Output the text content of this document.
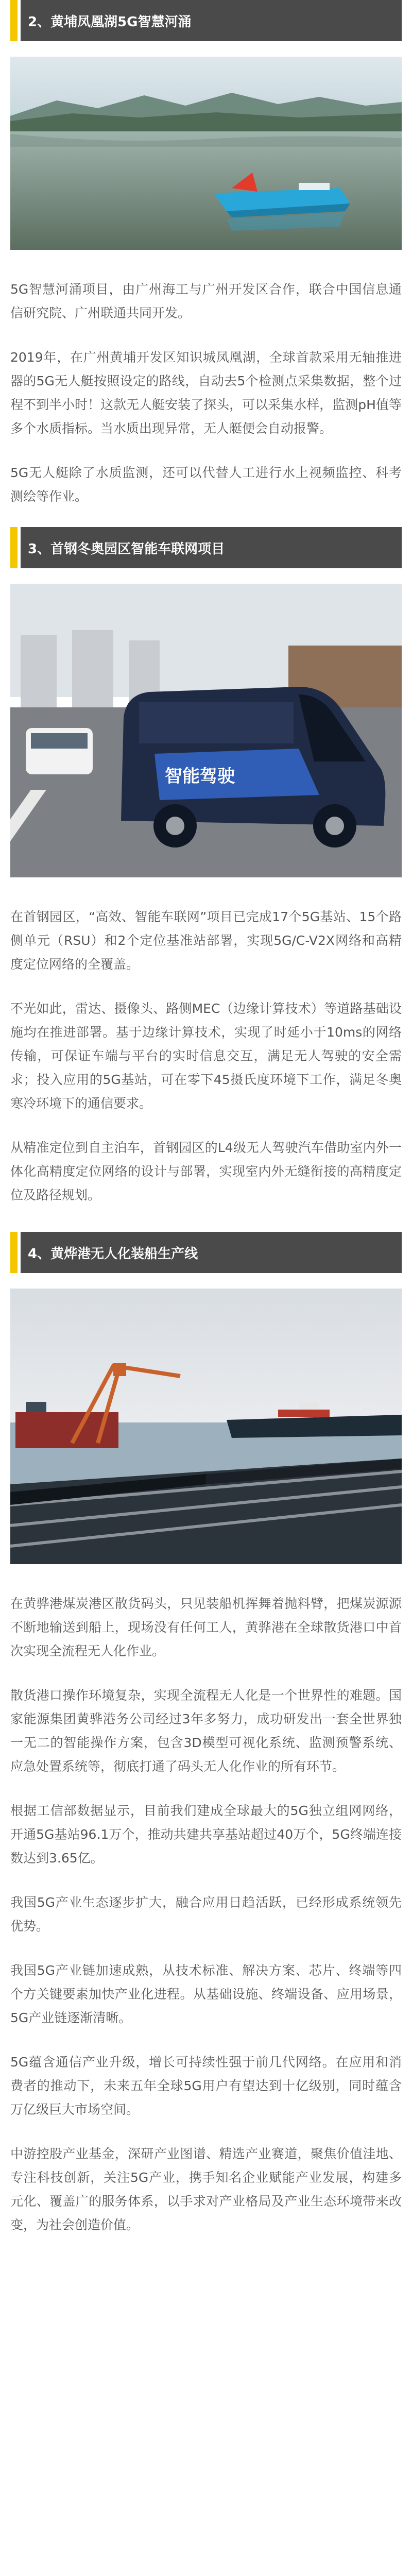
2、黄埔凤凰湖5G智慧河涌

5G智慧河涌项目，由广州海工与广州开发区合作，联合中国信息通信研究院、广州联通共同开发。

2019年，在广州黄埔开发区知识城凤凰湖，全球首款采用无轴推进器的5G无人艇按照设定的路线，自动去5个检测点采集数据，整个过程不到半小时！这款无人艇安装了探头，可以采集水样，监测pH值等多个水质指标。当水质出现异常，无人艇便会自动报警。

5G无人艇除了水质监测，还可以代替人工进行水上视频监控、科考测绘等作业。

3、首钢冬奥园区智能车联网项目
智能驾驶

在首钢园区，“高效、智能车联网”项目已完成17个5G基站、15个路侧单元（RSU）和2个定位基准站部署，实现5G/C-V2X网络和高精度定位网络的全覆盖。

不光如此，雷达、摄像头、路侧MEC（边缘计算技术）等道路基础设施均在推进部署。基于边缘计算技术，实现了时延小于10ms的网络传输，可保证车端与平台的实时信息交互，满足无人驾驶的安全需求；投入应用的5G基站，可在零下45摄氏度环境下工作，满足冬奥寒冷环境下的通信要求。

从精准定位到自主泊车，首钢园区的L4级无人驾驶汽车借助室内外一体化高精度定位网络的设计与部署，实现室内外无缝衔接的高精度定位及路径规划。

4、黄烨港无人化装船生产线

在黄骅港煤炭港区散货码头，只见装船机挥舞着抛料臂，把煤炭源源不断地输送到船上，现场没有任何工人，黄骅港在全球散货港口中首次实现全流程无人化作业。

散货港口操作环境复杂，实现全流程无人化是一个世界性的难题。国家能源集团黄骅港务公司经过3年多努力，成功研发出一套全世界独一无二的智能操作方案，包含3D模型可视化系统、监测预警系统、应急处置系统等，彻底打通了码头无人化作业的所有环节。

根据工信部数据显示，目前我们建成全球最大的5G独立组网网络，开通5G基站96.1万个，推动共建共享基站超过40万个，5G终端连接数达到3.65亿。

我国5G产业生态逐步扩大，融合应用日趋活跃，已经形成系统领先优势。

我国5G产业链加速成熟，从技术标准、解决方案、芯片、终端等四个方关键要素加快产业化进程。从基础设施、终端设备、应用场景，5G产业链逐渐清晰。

5G蕴含通信产业升级，增长可持续性强于前几代网络。在应用和消费者的推动下，未来五年全球5G用户有望达到十亿级别，同时蕴含万亿级巨大市场空间。

中游控股产业基金，深研产业图谱、精选产业赛道，聚焦价值洼地、专注科技创新，关注5G产业，携手知名企业赋能产业发展，构建多元化、覆盖广的服务体系，以手求对产业格局及产业生态环境带来改变，为社会创造价值。
